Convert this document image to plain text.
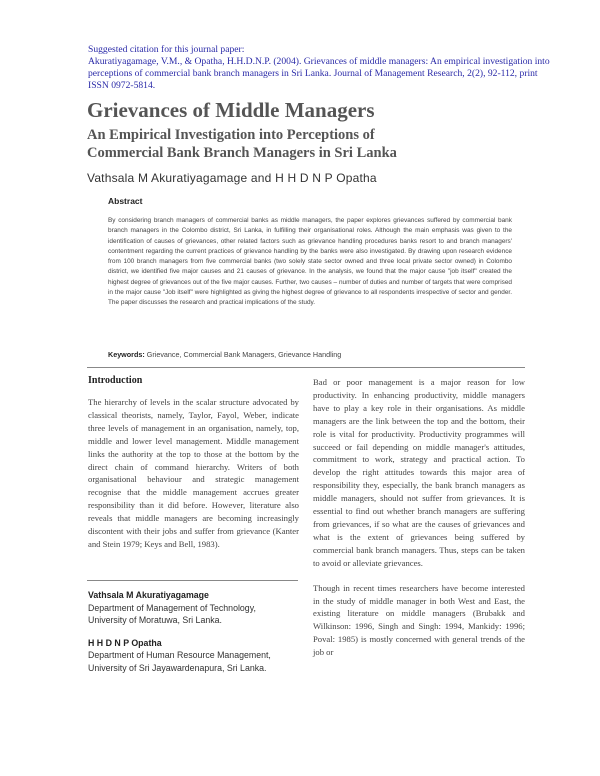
Suggested citation for this journal paper:
Akuratiyagamage, V.M., & Opatha, H.H.D.N.P. (2004). Grievances of middle managers: An empirical investigation into perceptions of commercial bank branch managers in Sri Lanka. Journal of Management Research, 2(2), 92-112, print ISSN 0972-5814.
Grievances of Middle Managers
An Empirical Investigation into Perceptions of
Commercial Bank Branch Managers in Sri Lanka
Vathsala M Akuratiyagamage and H H D N P Opatha
Abstract
By considering branch managers of commercial banks as middle managers, the paper explores grievances suffered by commercial bank branch managers in the Colombo district, Sri Lanka, in fulfilling their organisational roles. Although the main emphasis was given to the identification of causes of grievances, other related factors such as grievance handling procedures banks resort to and branch managers' contentment regarding the current practices of grievance handling by the banks were also investigated. By drawing upon research evidence from 100 branch managers from five commercial banks (two solely state sector owned and three local private sector owned) in Colombo district, we identified five major causes and 21 causes of grievance. In the analysis, we found that the major cause "job itself" created the highest degree of grievances out of the five major causes. Further, two causes – number of duties and number of targets that were comprised in the major cause "Job itself" were highlighted as giving the highest degree of grievance to all respondents irrespective of sector and gender. The paper discusses the research and practical implications of the study.
Keywords: Grievance, Commercial Bank Managers, Grievance Handling
Introduction

The hierarchy of levels in the scalar structure advocated by classical theorists, namely, Taylor, Fayol, Weber, indicate three levels of management in an organisation, namely, top, middle and lower level management. Middle management links the authority at the top to those at the bottom by the direct chain of command hierarchy. Writers of both organisational behaviour and strategic management recognise that the middle management accrues greater responsibility than it did before. However, literature also reveals that middle managers are becoming increasingly discontent with their jobs and suffer from grievance (Kanter and Stein 1979; Keys and Bell, 1983).

Vathsala M Akuratiyagamage
Department of Management of Technology,
University of Moratuwa, Sri Lanka.
H H D N P Opatha
Department of Human Resource Management,
University of Sri Jayawardenapura, Sri Lanka.

Bad or poor management is a major reason for low productivity. In enhancing productivity, middle managers have to play a key role in their organisations. As middle managers are the link between the top and the bottom, their role is vital for productivity. Productivity programmes will succeed or fail depending on middle manager's attitudes, commitment to work, strategy and practical action. To develop the right attitudes towards this major area of responsibility they, especially, the bank branch managers as middle managers, should not suffer from grievances. It is essential to find out whether branch managers are suffering from grievances, if so what are the causes of grievances and what is the extent of grievances being suffered by commercial bank branch managers. Thus, steps can be taken to avoid or alleviate grievances.

Though in recent times researchers have become interested in the study of middle manager in both West and East, the existing literature on middle managers (Brubakk and Wilkinson: 1996, Singh and Singh: 1994, Mankidy: 1996; Poval: 1985) is mostly concerned with general trends of the job or
